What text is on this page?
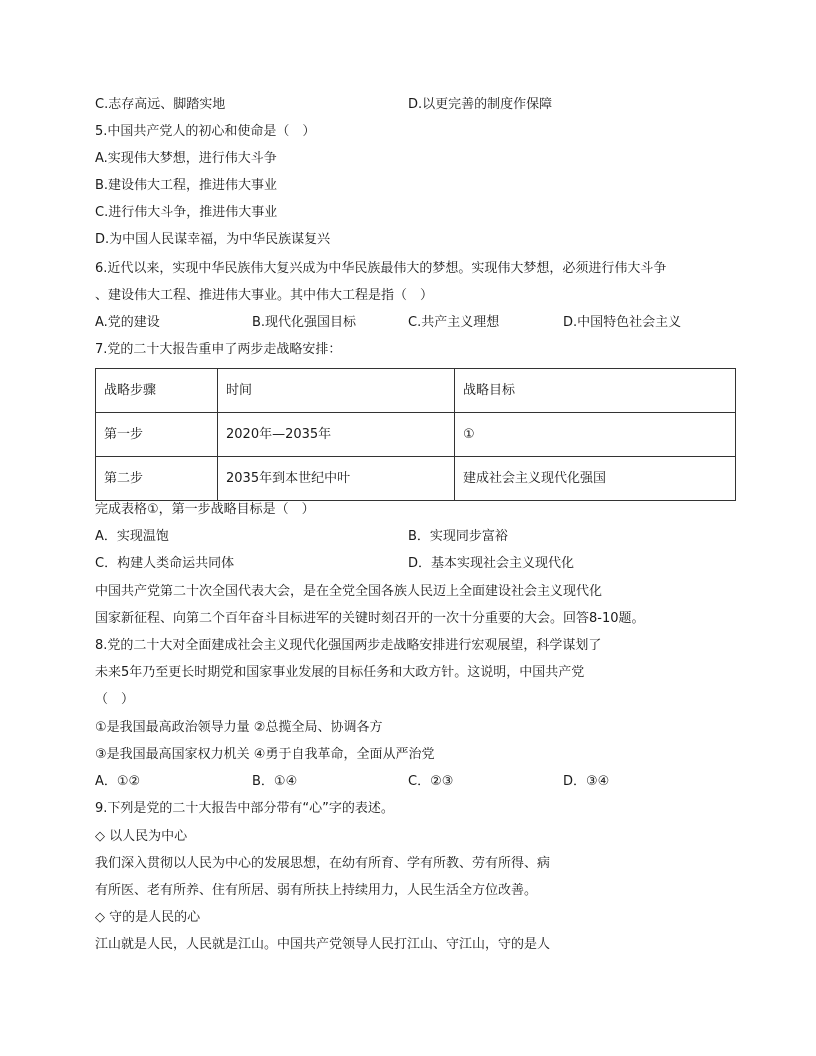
C.志存高远、脚踏实地	D.以更完善的制度作保障
5.中国共产党人的初心和使命是（　）
A.实现伟大梦想，进行伟大斗争
B.建设伟大工程，推进伟大事业
C.进行伟大斗争，推进伟大事业
D.为中国人民谋幸福，为中华民族谋复兴
6.近代以来，实现中华民族伟大复兴成为中华民族最伟大的梦想。实现伟大梦想，必须进行伟大斗争
、建设伟大工程、推进伟大事业。其中伟大工程是指（　）
A.党的建设	B.现代化强国目标	C.共产主义理想	D.中国特色社会主义
7.党的二十大报告重申了两步走战略安排：
战略步骤	时间	战略目标
第一步	2020年—2035年	①
第二步	2035年到本世纪中叶	建成社会主义现代化强国
完成表格①，第一步战略目标是（　）
A．实现温饱	B．实现同步富裕
C．构建人类命运共同体	D．基本实现社会主义现代化
中国共产党第二十次全国代表大会，是在全党全国各族人民迈上全面建设社会主义现代化
国家新征程、向第二个百年奋斗目标进军的关键时刻召开的一次十分重要的大会。回答8-10题。
8.党的二十大对全面建成社会主义现代化强国两步走战略安排进行宏观展望，科学谋划了
未来5年乃至更长时期党和国家事业发展的目标任务和大政方针。这说明，中国共产党
（　）
①是我国最高政治领导力量 ②总揽全局、协调各方
③是我国最高国家权力机关 ④勇于自我革命，全面从严治党
A．①②	B．①④	C．②③	D．③④
9.下列是党的二十大报告中部分带有“心”字的表述。
◇ 以人民为中心
我们深入贯彻以人民为中心的发展思想，在幼有所育、学有所教、劳有所得、病
有所医、老有所养、住有所居、弱有所扶上持续用力，人民生活全方位改善。
◇ 守的是人民的心
江山就是人民，人民就是江山。中国共产党领导人民打江山、守江山，守的是人
